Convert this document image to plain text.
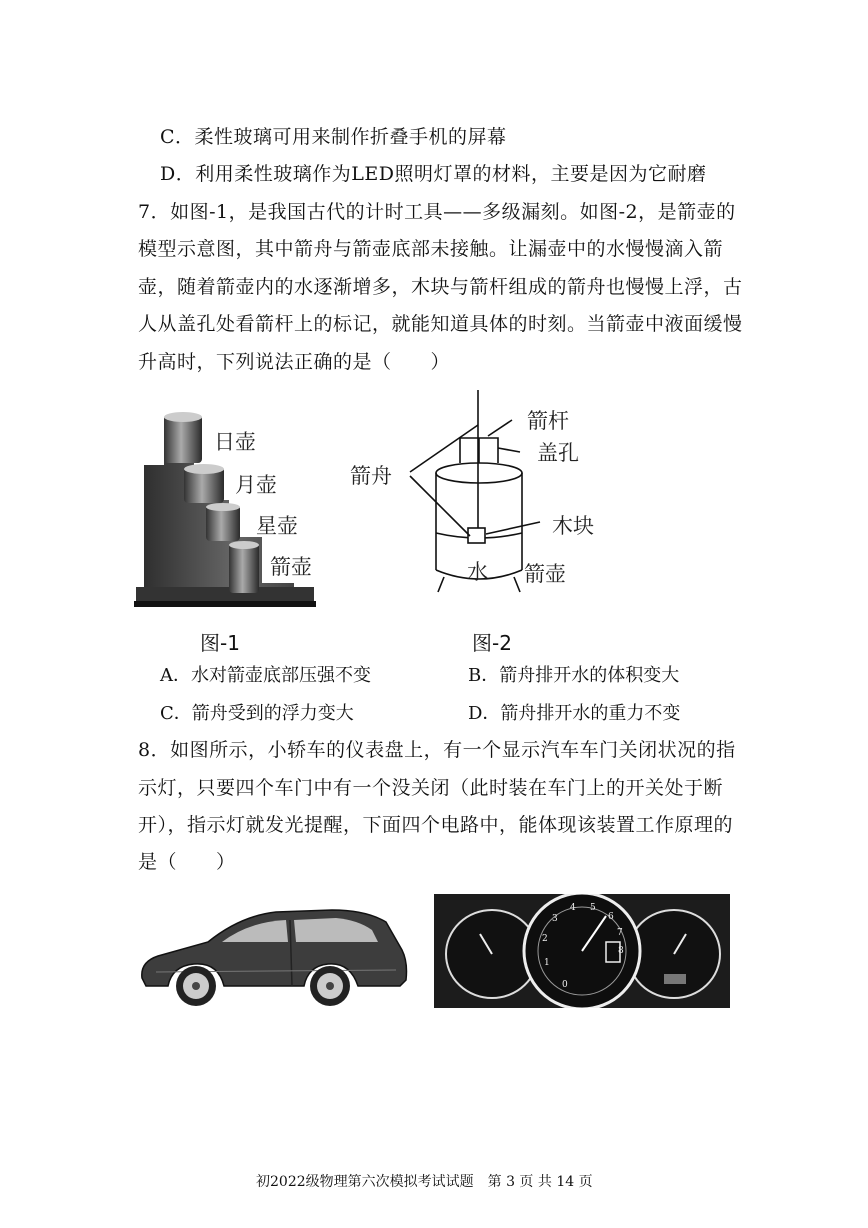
C．柔性玻璃可用来制作折叠手机的屏幕
D．利用柔性玻璃作为LED照明灯罩的材料，主要是因为它耐磨
7．如图-1，是我国古代的计时工具——多级漏刻。如图-2，是箭壶的
模型示意图，其中箭舟与箭壶底部未接触。让漏壶中的水慢慢滴入箭
壶，随着箭壶内的水逐渐增多，木块与箭杆组成的箭舟也慢慢上浮，古
人从盖孔处看箭杆上的标记，就能知道具体的时刻。当箭壶中液面缓慢
升高时，下列说法正确的是（　　）
日壶
月壶
星壶
箭壶
图-1
箭杆
盖孔
箭舟
木块
箭壶
水
图-2
A．水对箭壶底部压强不变	B．箭舟排开水的体积变大
C．箭舟受到的浮力变大	D．箭舟排开水的重力不变
8．如图所示，小轿车的仪表盘上，有一个显示汽车车门关闭状况的指
示灯，只要四个车门中有一个没关闭（此时装在车门上的开关处于断
开），指示灯就发光提醒，下面四个电路中，能体现该装置工作原理的
是（　　）
0
1
2
3
4 5
6
7
8
初2022级物理第六次模拟考试试题　第 3 页 共 14 页
